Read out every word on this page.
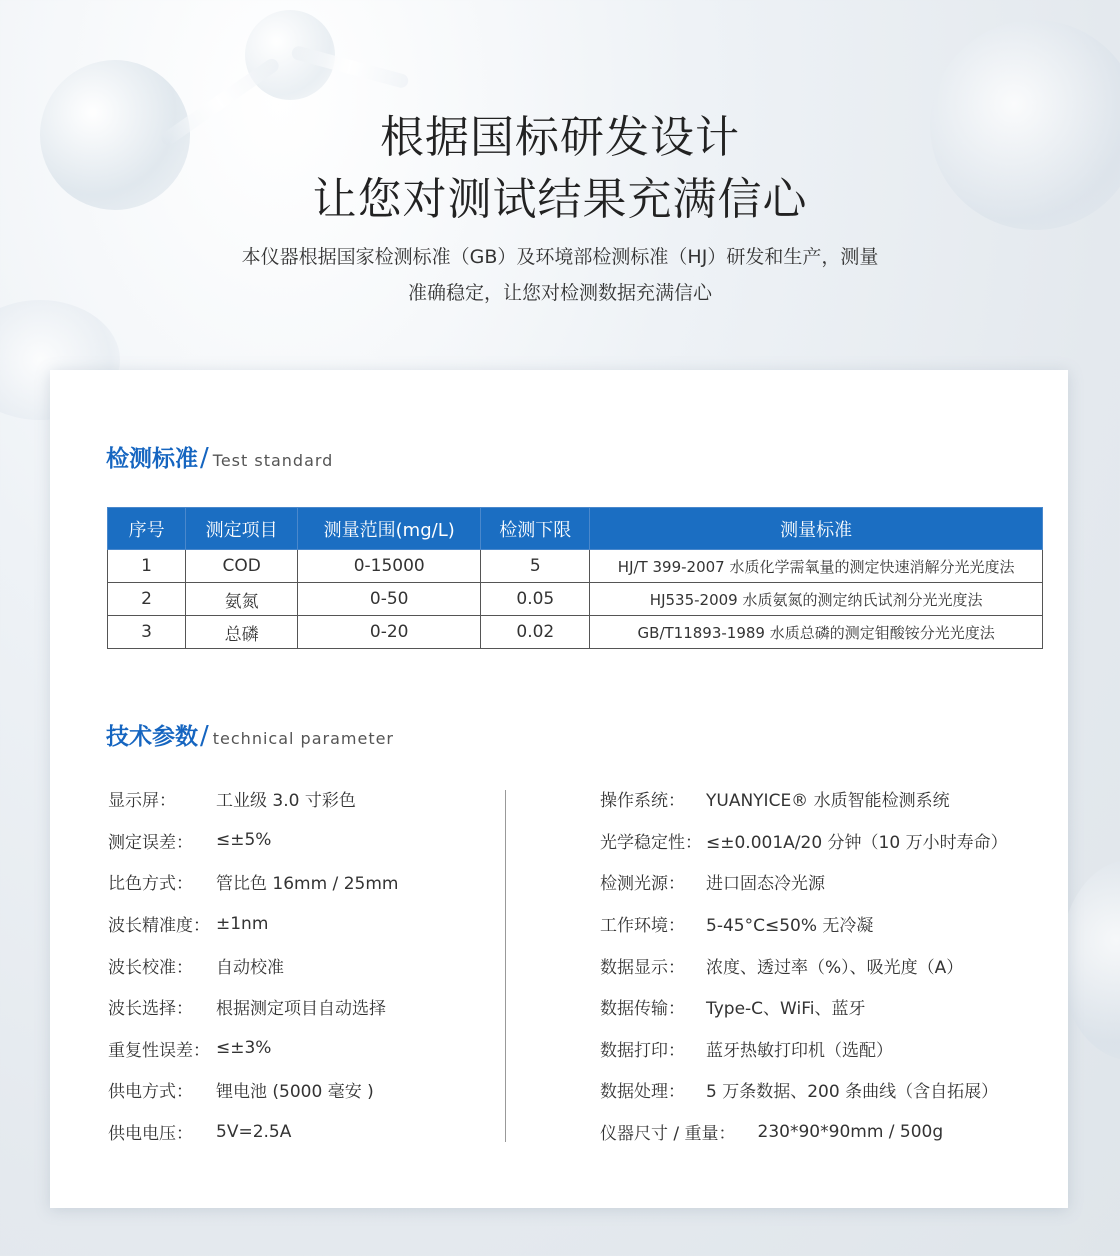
根据国标研发设计
让您对测试结果充满信心
本仪器根据国家检测标准（GB）及环境部检测标准（HJ）研发和生产，测量
准确稳定，让您对检测数据充满信心
检测标准 / Test standard
序号	测定项目	测量范围(mg/L)	检测下限	测量标准
1	COD	0-15000	5	HJ/T 399-2007 水质化学需氧量的测定快速消解分光光度法
2	氨氮	0-50	0.05	HJ535-2009 水质氨氮的测定纳氏试剂分光光度法
3	总磷	0-20	0.02	GB/T11893-1989 水质总磷的测定钼酸铵分光光度法
技术参数 / technical parameter
显示屏：	工业级 3.0 寸彩色
测定误差：	≤±5%
比色方式：	管比色 16mm / 25mm
波长精准度： ±1nm
波长校准：	自动校准
波长选择：	根据测定项目自动选择
重复性误差： ≤±3%
供电方式：	锂电池 (5000 毫安 )
供电电压：	5V=2.5A
操作系统：	YUANYICE® 水质智能检测系统
光学稳定性： ≤±0.001A/20 分钟（10 万小时寿命）
检测光源：	进口固态冷光源
工作环境：	5-45°C≤50% 无冷凝
数据显示：	浓度、透过率（%）、吸光度（A）
数据传输：	Type-C、WiFi、蓝牙
数据打印：	蓝牙热敏打印机（选配）
数据处理：	5 万条数据、200 条曲线（含自拓展）
仪器尺寸 / 重量： 230*90*90mm / 500g
